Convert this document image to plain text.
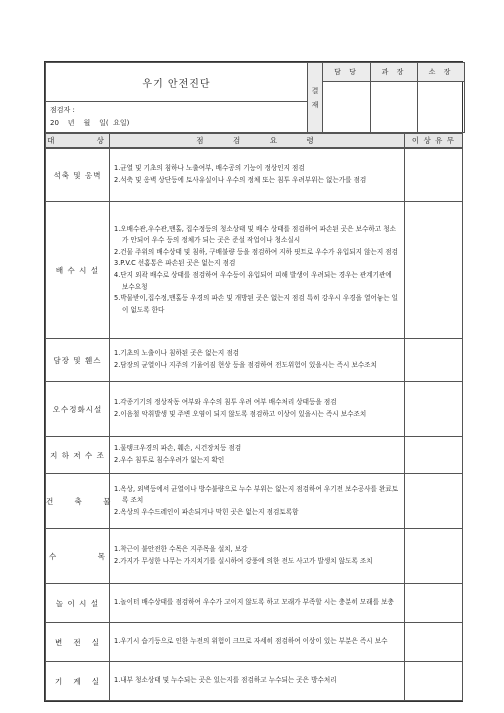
우기 안전진단	결 재	담 당	과 장	소 장

점검자 :
20    년    월    일(  요일)				
대      상	점    검    요    령	이 상 유 무
석축 및 옹벽	1.균열 및 기초의 침하나 노출여부, 배수공의 기능이 정상인지 점검
2.석축 및 옹벽 상단등에 토사유실이나 우수의 정체 또는 침투 우려부위는 없는가를 점검	

배 수 시 설	1.오배수관,우수관,맨홀, 집수정등의 청소상태 및 배수 상태를 점검하여 파손된 곳은 보수하고 청소가 안되어 우수 등의 정체가 되는 곳은 준설 작업이나 청소실시
2.건물 주위의 배수상태 및 침하, 구배불량 등을 점검하여 지하 핏트로 우수가 유입되지 않는지 점검
3.P.V.C 선홈통은 파손된 곳은 없는지 점검
4.단지 외곽 배수로 상태를 점검하여 우수등이 유입되어 피해 발생이 우려되는 경우는 관계기관에 보수요청
5.박물받이,집수정,맨홀등 우경의 파손 및 개방된 곳은 없는지 점검 특히 강우시 우경을 열어놓는 일이 없도록 한다	

담장 및 휀스	1.기초의 노출이나 침하된 곳은 없는지 점검
2.담장의 균열이나 지주의 기울어짐 현상 등을 점검하여 전도위험이 있을시는 즉시 보수조치	

오수정화시설	1.각종기기의 정상작동 여부와 우수의 침투 우려 여부 배수처리 상태등을 점검
2.이음철 악취발생 및 주변 오염이 되지 않도록 점검하고 이상이 있을시는 즉시 보수조치	

지 하 저 수 조	1.물탱크우경의 파손, 훼손, 시건장치등 점검
2.우수 침투로 침수우려가 없는지 확인	

건      축      물	1.옥상, 외벽등에서 균열이나 방수불량으로 누수 부위는 없는지 점검하여 우기전 보수공사를 완료토록 조치
2.옥상의 우수드레인이 파손되거나 막힌 곳은 없는지 점검토록함	

수            목	1.착근이 불안전한 수목은 지주목을 설치, 보강
2.가지가 무성한 나무는 가지치기를 실시하여 강풍에 의한 전도 사고가 발생치 않도록 조치	

놀 이 시 설	1.놀이터 배수상태를 점검하여 우수가 고이지 않도록 하고 모래가 부족할 시는 충분히 모래를 보충	

변   전   실	1.우기시 습기등으로 인한 누전의 위험이 크므로 자세히 점검하여 이상이 있는 부분은 즉시 보수	

기   계   실	1.내부 청소상태 및 누수되는 곳은 있는지를 점검하고 누수되는 곳은 방수처리	
